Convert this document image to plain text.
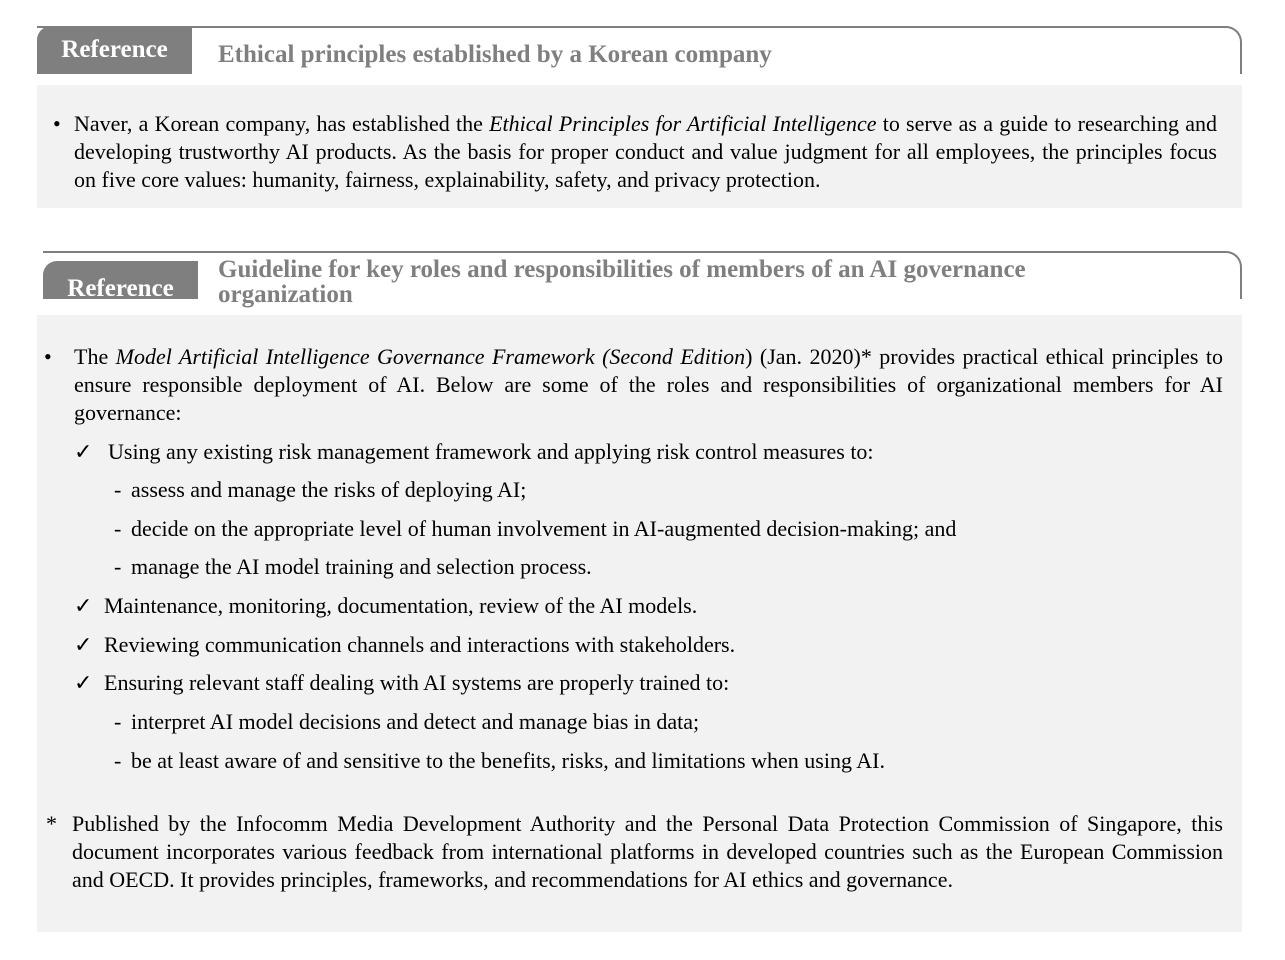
Reference	Ethical principles established by a Korean company
• Naver, a Korean company, has established the Ethical Principles for Artificial Intelligence to serve as a guide to researching and developing trustworthy AI products. As the basis for proper conduct and value judgment for all employees, the principles focus on five core values: humanity, fairness, explainability, safety, and privacy protection.
Reference
Guideline for key roles and responsibilities of members of an AI governance
organization
• The Model Artificial Intelligence Governance Framework (Second Edition) (Jan. 2020)* provides practical ethical principles to ensure responsible deployment of AI. Below are some of the roles and responsibilities of organizational members for AI governance:
✓ Using any existing risk management framework and applying risk control measures to:
- assess and manage the risks of deploying AI;
- decide on the appropriate level of human involvement in AI-augmented decision-making; and
- manage the AI model training and selection process.
✓ Maintenance, monitoring, documentation, review of the AI models.
✓ Reviewing communication channels and interactions with stakeholders.
✓ Ensuring relevant staff dealing with AI systems are properly trained to:
- interpret AI model decisions and detect and manage bias in data;
- be at least aware of and sensitive to the benefits, risks, and limitations when using AI.
* Published by the Infocomm Media Development Authority and the Personal Data Protection Commission of Singapore, this document incorporates various feedback from international platforms in developed countries such as the European Commission and OECD. It provides principles, frameworks, and recommendations for AI ethics and governance.
